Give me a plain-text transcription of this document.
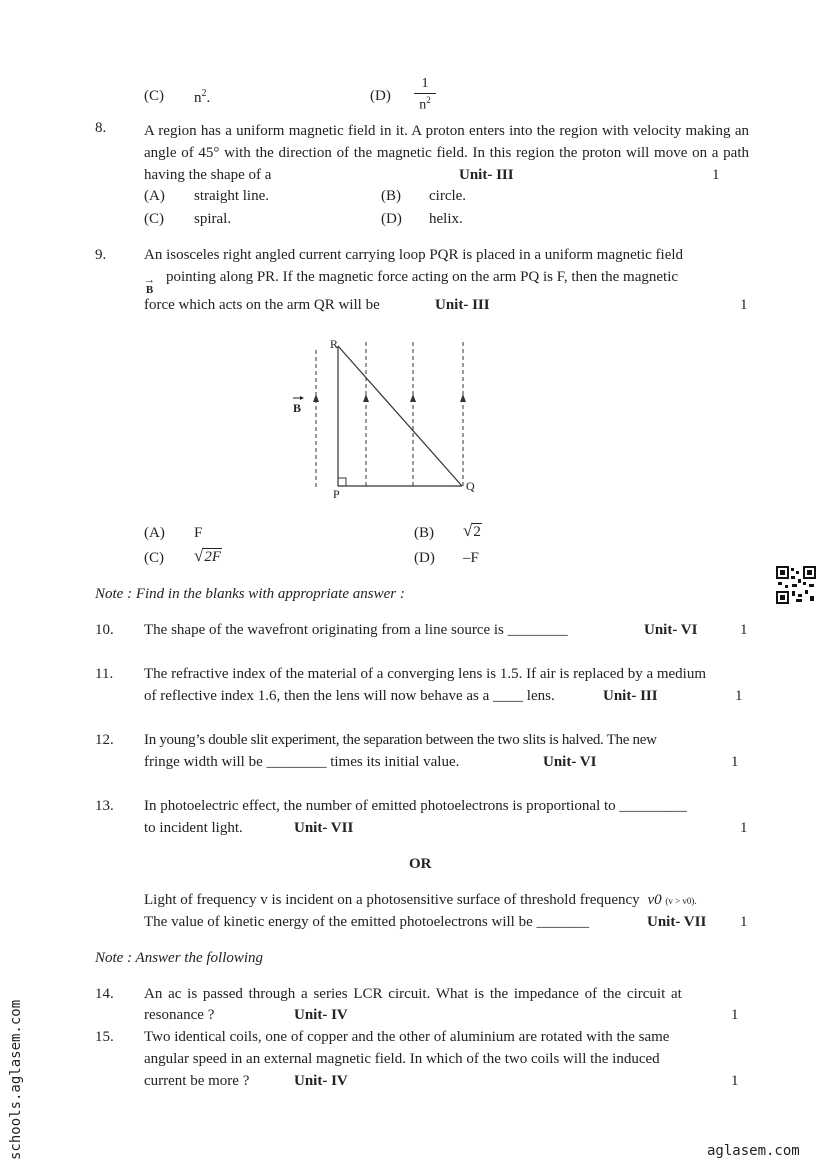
(C) $n^2$.	(D)
1
$n^2$
8.	A region has a uniform magnetic field in it. A proton enters into the region with velocity making an angle of 45° with the direction of the magnetic field. In this region the proton will move on a path having the shape of a	Unit- III	1
(A) straight line.	(B) circle.
(C) spiral.	(D) helix.
9.	An isosceles right angled current carrying loop PQR is placed in a uniform magnetic field
→
B
pointing along PR. If the magnetic force acting on the arm PQ is F, then the magnetic
force which acts on the arm QR will be	Unit- III	1
R
P
Q
B
(A) F	(B) √ 2
(C) √ 2F	(D) –F
Note : Find in the blanks with appropriate answer :
10. The shape of the wavefront originating from a line source is ________	Unit- VI	1
11. The refractive index of the material of a converging lens is 1.5. If air is replaced by a medium
of reflective index 1.6, then the lens will now behave as a ____ lens.	Unit- III	1
12. In young’s double slit experiment, the separation between the two slits is halved. The new
fringe width will be ________ times its initial value.	Unit- VI	1
13. In photoelectric effect, the number of emitted photoelectrons is proportional to _________
to incident light.	Unit- VII	1
OR
Light of frequency v is incident on a photosensitive surface of threshold frequency v0 (v > v0).
The value of kinetic energy of the emitted photoelectrons will be _______	Unit- VII 1
Note : Answer the following
14. An ac is passed through a series LCR circuit. What is the impedance of the circuit at
resonance ?	Unit- IV	1
15. Two identical coils, one of copper and the other of aluminium are rotated with the same
angular speed in an external magnetic field. In which of the two coils will the induced
current be more ?	Unit- IV	1
schools.aglasem.com	aglasem.com
